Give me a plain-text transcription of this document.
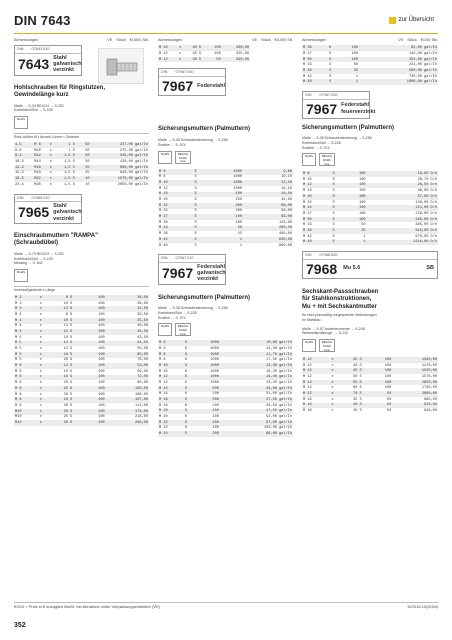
DIN 7643	zur Übersicht
Abmessungen	VE Stück €/1000 Stk.
DIN 07643.010
7643 Stahl
galvanisch verzinkt
Hohlschrauben für Ringstutzen,
Gewindelänge kurz
Maße → S-34 REACH → S-252
Konfektion/Stuf → S-228
RoHS
Rohr-Außen-Ø • Anzahl Löcher • Gewinde
4–5	M 8	x	1	S	50	227,00 gal/Ih
6–8	M10	x	1	S	50	275,00 gal/Ih
8–3	M12	x	1,5	S	50	345,00 gal/Ih
10–3	M14	x	1,5	S	50	420,00 gal/Ih
12–3	M16	x	1,5	S	25	600,00 gal/Ih
15–3	M18	x	1,5	S	25	840,00 gal/Ih
18–3	M22	x	1,5	S	10	1070,00 gal/Ih
22–4	M26	x	1,5	S	10	2050,00 gal/Ih
DIN 07965.010
7965 Stahl
galvanisch verzinkt
Einschraubmuttern "RAMPA"
(Schraubdübel)
Maße → S-70 REACH → S-252
Konfektion/Stuf → S-228
Messing → S. 642
RoHS
Innenaußgewinde x Länge
M 3	x	8	S	100	36,00
M 3	x	10	S	100	39,00
M 3	x	12	S	100	41,00
M 4	x	8	S	100	33,50
M 4	x	10	S	100	35,50
M 4	x	12	S	100	40,00
M 4	x	15	S	100	49,50
M 5	x	10	S	100	43,50
M 5	x	12	S	100	44,50
M 5	x	15	S	100	55,00
M 5	x	18	S	100	65,00
M 5	x	20	S	100	78,00
M 6	x	12	S	100	53,00
M 6	x	15	S	100	59,00
M 6	x	18	S	100	72,00
M 6	x	20	S	100	80,00
M 6	x	25	S	100	106,00
M 6	x	30	S	100	166,00
M 8	x	18	S	100	107,00
M 8	x	30	S	100	112,00
M10	x	20	S	100	174,00
M10	x	25	S	100	218,00
M10	x	30	S	100	260,00
Abmessungen	VE Stück €/1000 Stf.
M 10	x	40	S	100	360,00
M 12	x	25	S	100	325,00
M 12	x	30	S	50	390,00
DIN 07967.000
7967 Federstahl
Sicherungsmuttern (Palmuttern)
Maße → S-38 Schraubensicherung → S-256
Rostfrei → S. 574
RoHS	REACH SVHC free
M 6	S	1000	9,60
M 8	S	1000	10,10
M 10	S	1000	12,50
M 12	S	1000	16,10
M 16	S	500	26,00
M 20	S	250	42,00
M 22	S	200	68,00
M 24	S	200	68,00
M 27	S	100	96,00
M 30	S	100	133,00
M 33	S	50	280,00
M 36	S	25	480,00
M 42	S	1	630,00
M 48	S	1	890,00
DIN 07967.010
7967 Federstahl
galvanisch verzinkt
Sicherungsmuttern (Palmuttern)
Maße → S-38 Schraubensicherung → S-256
Konfektion/Stuf → S-228
Rostfrei → S. 574
RoHS	REACH SVHC free
M 6	S	1000	10,80 gal/Ih
M 6	K	1000	14,30 gal/Ih
M 8	S	1000	11,70 gal/Ih
M 8	K	1000	17,50 gal/Ih
M 10	S	1000	14,30 gal/Ih
M 10	K	1000	18,20 gal/Ih
M 12	S	1000	19,40 gal/Ih
M 12	K	1000	23,20 gal/Ih
M 14	S	500	44,00 gal/Ih
M 14	K	100	51,00 gal/Ih
M 16	S	500	27,50 gal/Ih
M 16	K	100	33,50 gal/Ih
M 20	S	250	47,50 gal/Ih
M 20	K	100	52,00 gal/Ih
M 22	S	200	97,00 gal/Ih
M 22	K	100	103,00 gal/Ih
M 24	S	200	88,00 gal/Ih
Abmessungen	VE Stück €/100 Stk.
M 36	K	100	92,00 gal/Ih
M 27	S	100	142,00 gal/Ih
M 30	S	100	152,00 gal/Ih
M 33	S	50	241,00 gal/Ih
M 36	S	25	560,00 gal/Ih
M 42	S	1	730,00 gal/Ih
M 48	S	1	1080,00 gal/Ih
DIN 07967.020
7967 Federstahl
feuerverzinkt
Sicherungsmuttern (Palmuttern)
Maße → S-38 Schraubensicherung → S-256
Konfektion/Stuf → S-228
Rostfrei → S. 574
RoHS	REACH SVHC free
M 8	S	100	19,60 D/h
M 10	S	100	20,70 D/h
M 12	S	100	26,50 D/h
M 16	S	100	38,00 D/h
M 20	S	100	57,00 D/h
M 22	S	100	126,00 D/h
M 24	S	100	111,00 D/h
M 27	S	100	229,00 D/h
M 30	S	100	285,00 D/h
M 33	S	50	385,00 D/h
M 36	S	25	610,00 D/h
M 42	S	1	970,00 D/h
M 48	S	1	1210,00 D/h
DIN 07968.500
7968 Mu 5.6	SB
Sechskant-Passschrauben
für Stahlkonstruktionen,
Mu + mit Sechskantmutter
für nicht planmäßig vorgespannte Verbindungen
im Stahlbau
Maße → S-57 Anziehmomente → S-248
Werkstoffprüfzeugn. → S-232
RoHS	REACH SVHC free
M 12	x	35	S	100	1340,00
M 12	x	40	S	100	1470,00
M 12	x	45	S	100	1520,00
M 12	x	50	S	100	1570,00
M 12	x	55	S	100	1650,00
M 12	x	60	S	100	1760,00
M 12	x	70	S	50	2060,00
M 16	x	35	S	50	880,00
M 16	x	40	S	50	920,00
M 16	x	45	S	50	940,00
€/100 = Preis in € zuzüglich MwSt. bei Abnahme voller Verpackungseinheiten (VE)	N/2015.10(DOM)
352
